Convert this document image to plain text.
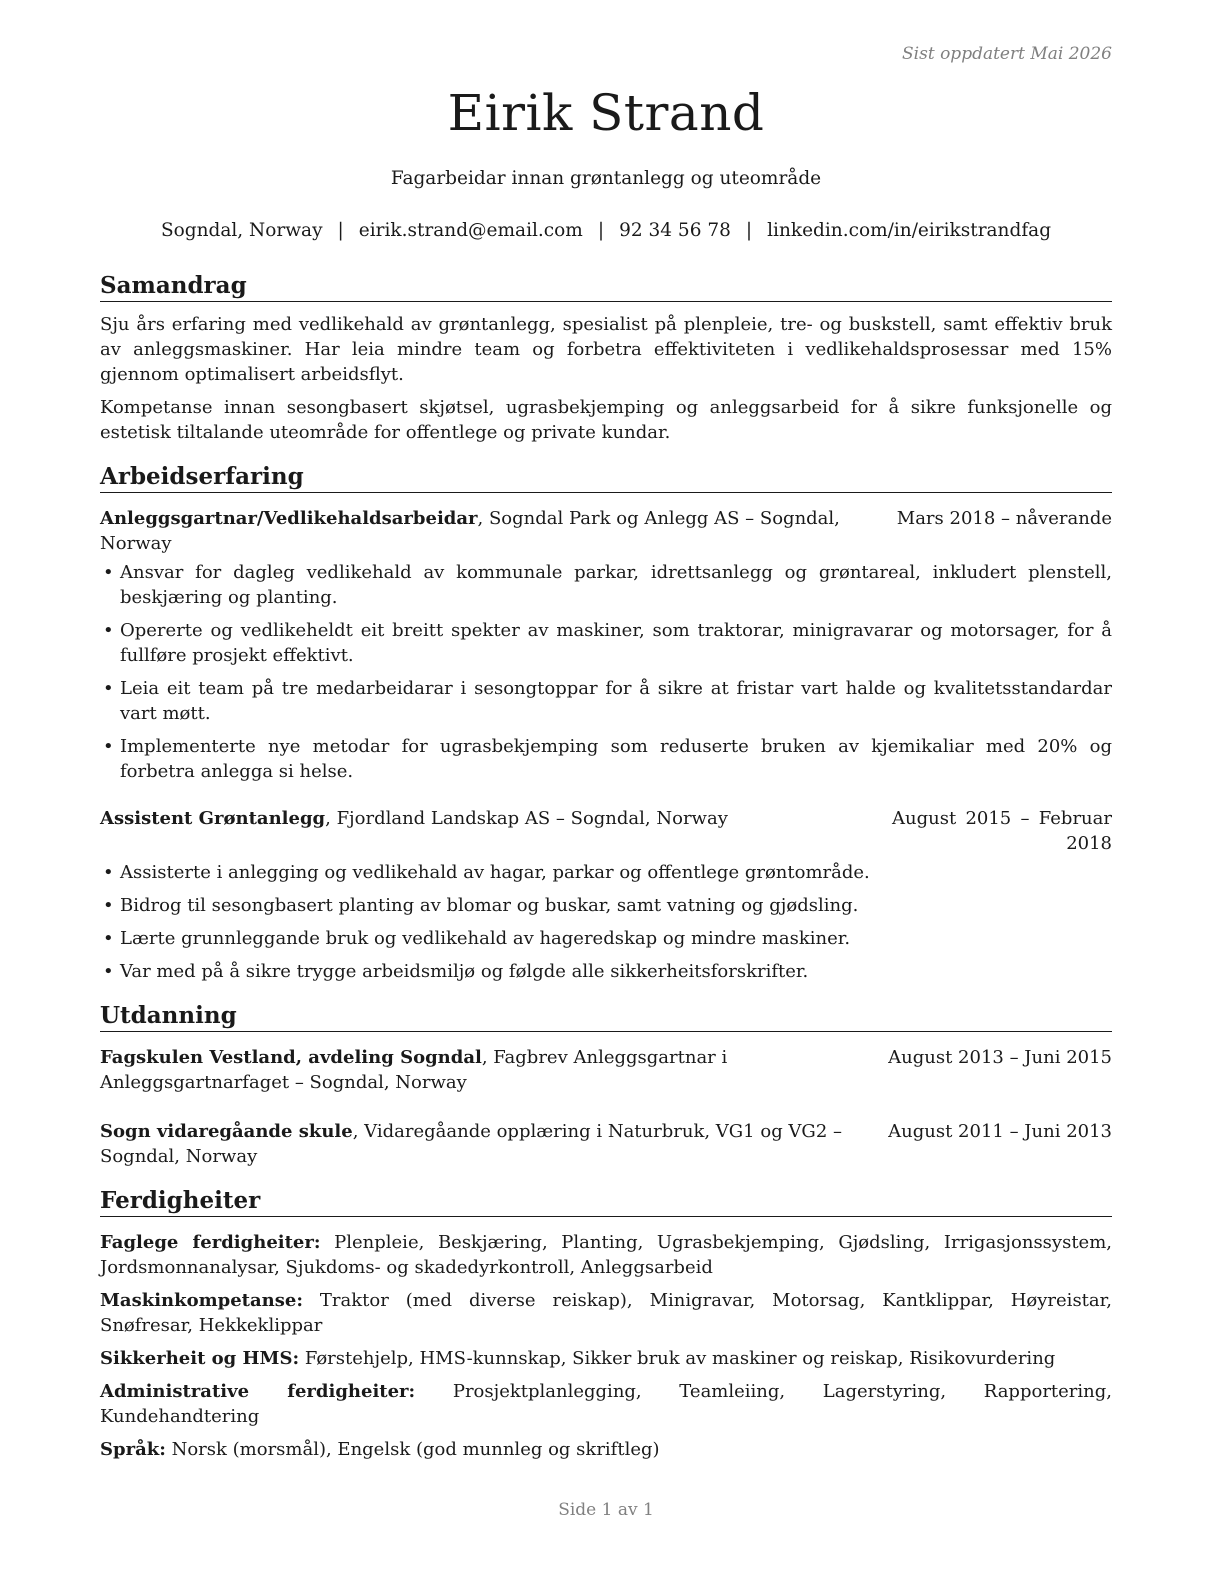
Sist oppdatert Mai 2026
Eirik Strand
Fagarbeidar innan grøntanlegg og uteområde
Sogndal, Norway | eirik.strand@email.com | 92 34 56 78 | linkedin.com/in/eirikstrandfag
Samandrag

Sju års erfaring med vedlikehald av grøntanlegg, spesialist på plenpleie, tre- og buskstell, samt effektiv bruk av anleggsmaskiner. Har leia mindre team og forbetra effektiviteten i vedlikehaldsprosessar med 15% gjennom optimalisert arbeidsflyt.

Kompetanse innan sesongbasert skjøtsel, ugrasbekjemping og anleggsarbeid for å sikre funksjonelle og estetisk tiltalande uteområde for offentlege og private kundar.

Arbeidserfaring
Anleggsgartnar/Vedlikehaldsarbeidar, Sogndal Park og Anlegg AS – Sogndal, Norway
Mars 2018 – nåverande
• Ansvar for dagleg vedlikehald av kommunale parkar, idrettsanlegg og grøntareal, inkludert plenstell, beskjæring og planting.
• Opererte og vedlikeheldt eit breitt spekter av maskiner, som traktorar, minigravarar og motorsager, for å fullføre prosjekt effektivt.
• Leia eit team på tre medarbeidarar i sesongtoppar for å sikre at fristar vart halde og kvalitetsstandardar vart møtt.
• Implementerte nye metodar for ugrasbekjemping som reduserte bruken av kjemikaliar med 20% og forbetra anlegga si helse.
Assistent Grøntanlegg, Fjordland Landskap AS – Sogndal, Norway	August 2015 – Februar 2018
• Assisterte i anlegging og vedlikehald av hagar, parkar og offentlege grøntområde.
• Bidrog til sesongbasert planting av blomar og buskar, samt vatning og gjødsling.
• Lærte grunnleggande bruk og vedlikehald av hageredskap og mindre maskiner.
• Var med på å sikre trygge arbeidsmiljø og følgde alle sikkerheitsforskrifter.
Utdanning
Fagskulen Vestland, avdeling Sogndal, Fagbrev Anleggsgartnar i Anleggsgartnarfaget – Sogndal, Norway
August 2013 – Juni 2015
Sogn vidaregåande skule, Vidaregåande opplæring i Naturbruk, VG1 og VG2 – Sogndal, Norway
August 2011 – Juni 2013
Ferdigheiter
Faglege ferdigheiter: Plenpleie, Beskjæring, Planting, Ugrasbekjemping, Gjødsling, Irrigasjonssystem, Jordsmonnanalysar, Sjukdoms- og skadedyrkontroll, Anleggsarbeid
Maskinkompetanse: Traktor (med diverse reiskap), Minigravar, Motorsag, Kantklippar, Høyreistar, Snøfresar, Hekkeklippar
Sikkerheit og HMS: Førstehjelp, HMS-kunnskap, Sikker bruk av maskiner og reiskap, Risikovurdering
Administrative ferdigheiter: Prosjektplanlegging, Teamleiing, Lagerstyring, Rapportering, Kundehandtering
Språk: Norsk (morsmål), Engelsk (god munnleg og skriftleg)
Side 1 av 1
